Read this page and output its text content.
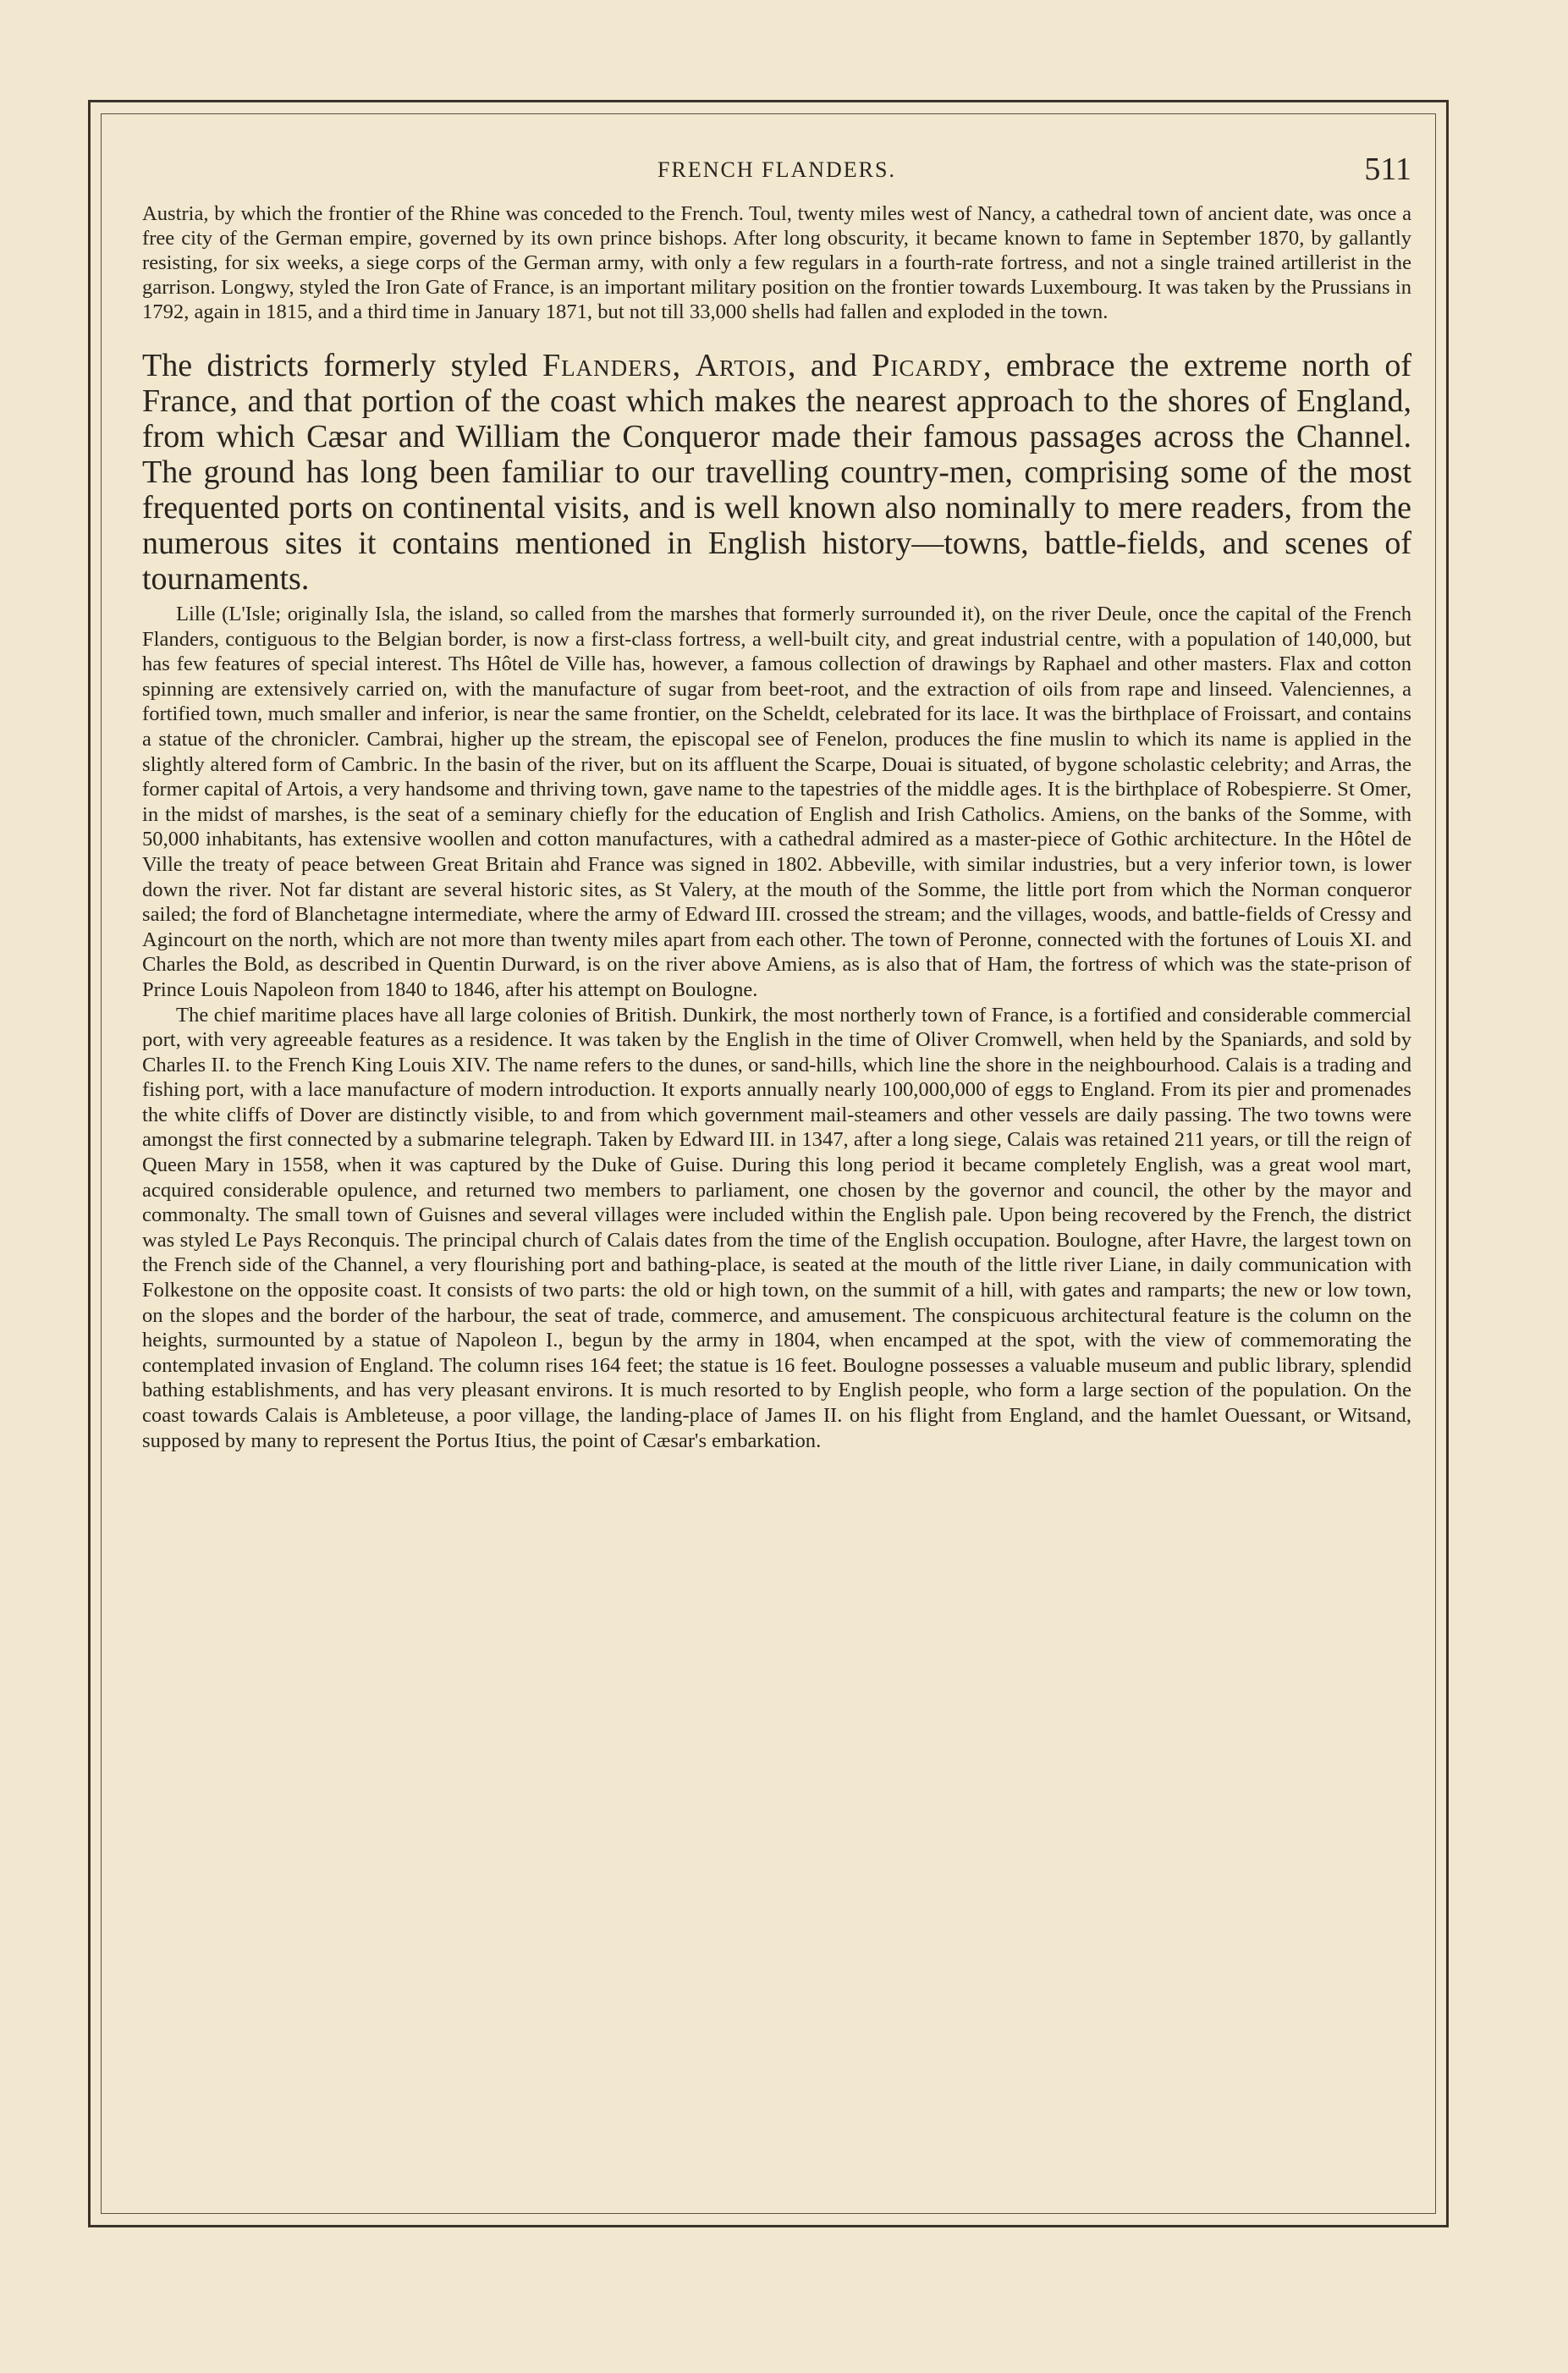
FRENCH FLANDERS.	511

Austria, by which the frontier of the Rhine was conceded to the French. Toul, twenty miles west of Nancy, a cathedral town of ancient date, was once a free city of the German empire, governed by its own prince bishops. After long obscurity, it became known to fame in September 1870, by gallantly resisting, for six weeks, a siege corps of the German army, with only a few regulars in a fourth-rate fortress, and not a single trained artillerist in the garrison. Longwy, styled the Iron Gate of France, is an important military position on the frontier towards Luxembourg. It was taken by the Prussians in 1792, again in 1815, and a third time in January 1871, but not till 33,000 shells had fallen and exploded in the town.

The districts formerly styled Flanders, Artois, and Picardy, embrace the extreme north of France, and that portion of the coast which makes the nearest approach to the shores of England, from which Cæsar and William the Conqueror made their famous passages across the Channel. The ground has long been familiar to our travelling country-men, comprising some of the most frequented ports on continental visits, and is well known also nominally to mere readers, from the numerous sites it contains mentioned in English history—towns, battle-fields, and scenes of tournaments.

Lille (L'Isle; originally Isla, the island, so called from the marshes that formerly surrounded it), on the river Deule, once the capital of the French Flanders, contiguous to the Belgian border, is now a first-class fortress, a well-built city, and great industrial centre, with a population of 140,000, but has few features of special interest. Ths Hôtel de Ville has, however, a famous collection of drawings by Raphael and other masters. Flax and cotton spinning are extensively carried on, with the manufacture of sugar from beet-root, and the extraction of oils from rape and linseed. Valenciennes, a fortified town, much smaller and inferior, is near the same frontier, on the Scheldt, celebrated for its lace. It was the birthplace of Froissart, and contains a statue of the chronicler. Cambrai, higher up the stream, the episcopal see of Fenelon, produces the fine muslin to which its name is applied in the slightly altered form of Cambric. In the basin of the river, but on its affluent the Scarpe, Douai is situated, of bygone scholastic celebrity; and Arras, the former capital of Artois, a very handsome and thriving town, gave name to the tapestries of the middle ages. It is the birthplace of Robespierre. St Omer, in the midst of marshes, is the seat of a seminary chiefly for the education of English and Irish Catholics. Amiens, on the banks of the Somme, with 50,000 inhabitants, has extensive woollen and cotton manufactures, with a cathedral admired as a master-piece of Gothic architecture. In the Hôtel de Ville the treaty of peace between Great Britain ahd France was signed in 1802. Abbeville, with similar industries, but a very inferior town, is lower down the river. Not far distant are several historic sites, as St Valery, at the mouth of the Somme, the little port from which the Norman conqueror sailed; the ford of Blanchetagne intermediate, where the army of Edward III. crossed the stream; and the villages, woods, and battle-fields of Cressy and Agincourt on the north, which are not more than twenty miles apart from each other. The town of Peronne, connected with the fortunes of Louis XI. and Charles the Bold, as described in Quentin Durward, is on the river above Amiens, as is also that of Ham, the fortress of which was the state-prison of Prince Louis Napoleon from 1840 to 1846, after his attempt on Boulogne.

The chief maritime places have all large colonies of British. Dunkirk, the most northerly town of France, is a fortified and considerable commercial port, with very agreeable features as a residence. It was taken by the English in the time of Oliver Cromwell, when held by the Spaniards, and sold by Charles II. to the French King Louis XIV. The name refers to the dunes, or sand-hills, which line the shore in the neighbourhood. Calais is a trading and fishing port, with a lace manufacture of modern introduction. It exports annually nearly 100,000,000 of eggs to England. From its pier and promenades the white cliffs of Dover are distinctly visible, to and from which government mail-steamers and other vessels are daily passing. The two towns were amongst the first connected by a submarine telegraph. Taken by Edward III. in 1347, after a long siege, Calais was retained 211 years, or till the reign of Queen Mary in 1558, when it was captured by the Duke of Guise. During this long period it became completely English, was a great wool mart, acquired considerable opulence, and returned two members to parliament, one chosen by the governor and council, the other by the mayor and commonalty. The small town of Guisnes and several villages were included within the English pale. Upon being recovered by the French, the district was styled Le Pays Reconquis. The principal church of Calais dates from the time of the English occupation. Boulogne, after Havre, the largest town on the French side of the Channel, a very flourishing port and bathing-place, is seated at the mouth of the little river Liane, in daily communication with Folkestone on the opposite coast. It consists of two parts: the old or high town, on the summit of a hill, with gates and ramparts; the new or low town, on the slopes and the border of the harbour, the seat of trade, commerce, and amusement. The conspicuous architectural feature is the column on the heights, surmounted by a statue of Napoleon I., begun by the army in 1804, when encamped at the spot, with the view of commemorating the contemplated invasion of England. The column rises 164 feet; the statue is 16 feet. Boulogne possesses a valuable museum and public library, splendid bathing establishments, and has very pleasant environs. It is much resorted to by English people, who form a large section of the population. On the coast towards Calais is Ambleteuse, a poor village, the landing-place of James II. on his flight from England, and the hamlet Ouessant, or Witsand, supposed by many to represent the Portus Itius, the point of Cæsar's embarkation.
